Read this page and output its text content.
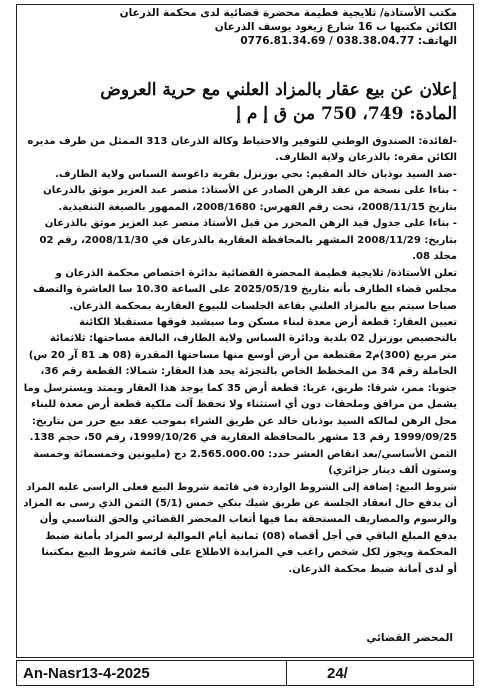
مكتب الأستاذة/ ثلايجية فطيمة محضرة قضائية لدى محكمة الذرعان
الكائن مكتبها ب 16 شارع زيغود يوسف الذرعان
الهاتف: 038.38.04.77 / 0776.81.34.69
إعلان عن بيع عقار بالمزاد العلني مع حرية العروض
المادة: 749، 750 من ق إ م إ

-لفائدة: الصندوق الوطني للتوفير والاحتياط وكالة الذرعان 313 الممثل من طرف مديره

الكائن مقره: بالذرعان ولاية الطارف.

-ضد السيد بوذبان خالد المقيم: بحي بوزنزل بقرية داغوسة السباس ولاية الطارف.

- بناءا على نسخة من عقد الرهن الصادر عن الأستاذ: منصر عبد العزيز موثق بالذرعان

بتاريخ 2008/11/15، تحت رقم الفهرس: 2008/1680، الممهور بالصيغة التنفيذية.

- بناءا على جدول قيد الرهن المحرر من قبل الأستاذ منصر عبد العزيز موثق بالذرعان

بتاريخ: 2008/11/29 المشهر بالمحافظة العقارية بالذرعان في 2008/11/30، رقم 02

مجلد 08.

تعلن الأستاذة/ ثلايجية فطيمة المحضرة القضائية بدائرة اختصاص محكمة الذرعان و

مجلس قضاء الطارف بأنه بتاريخ 2025/05/19 على الساعة 10.30 سا العاشرة والنصف

صباحا سيتم بيع بالمزاد العلني بقاعة الجلسات للبيوع العقارية بمحكمة الذرعان.

تعيين العقار: قطعة أرض معدة لبناء مسكن وما سيشيد فوقها مستقبلا الكائنة

بالتحصيص بوزنزل 02 بلدية ودائرة السباس ولاية الطارف، البالغة مساحتها: ثلاثمائة

متر مربع (300)م2 مقتطعة من أرض أوسع منها مساحتها المقدرة (08 هـ 81 آر 20 س)

الحاملة رقم 34 من المخطط الخاص بالتجزئة يحد هذا العقار: شمالا: القطعة رقم 36،

جنوبا: ممر، شرقا: طريق، غربا: قطعة أرض 35 كما يوجد هذا العقار ويمتد ويسترسل وما

يشمل من مرافق وملحقات دون أي استثناء ولا تحفظ آلت ملكية قطعة أرض معدة للبناء

محل الرهن لمالكه السيد بوذبان خالد عن طريق الشراء بموجب عقد بيع حرر من بتاريخ:

1999/09/25 رقم 13 مشهر بالمحافظة العقارية في 1999/10/26، رقم 50، حجم 138.

الثمن الأساسي/بعد انقاص العشر حدد: 2.565.000.00 دج (مليونين وخمسمائة وخمسة

وستون ألف دينار جزائري)

شروط البيع: إضافة إلى الشروط الواردة في قائمة شروط البيع فعلى الراسي عليه المزاد

أن يدفع حال انعقاد الجلسة عن طريق شيك بنكي خمس (5/1) الثمن الذي رسى به المزاد

والرسوم والمصاريف المستحقة بما فيها أتعاب المحضر القضائي والحق التناسبي وأن

يدفع المبلغ الباقي في أجل أقصاه (08) ثمانية أيام الموالية لرسو المزاد بأمانة ضبط

المحكمة ويجوز لكل شخص راغب في المزايدة الاطلاع على قائمة شروط البيع بمكتبنا

أو لدى أمانة ضبط محكمة الذرعان.

المحضر القضائي
An-Nasr13-4-2025	24/
